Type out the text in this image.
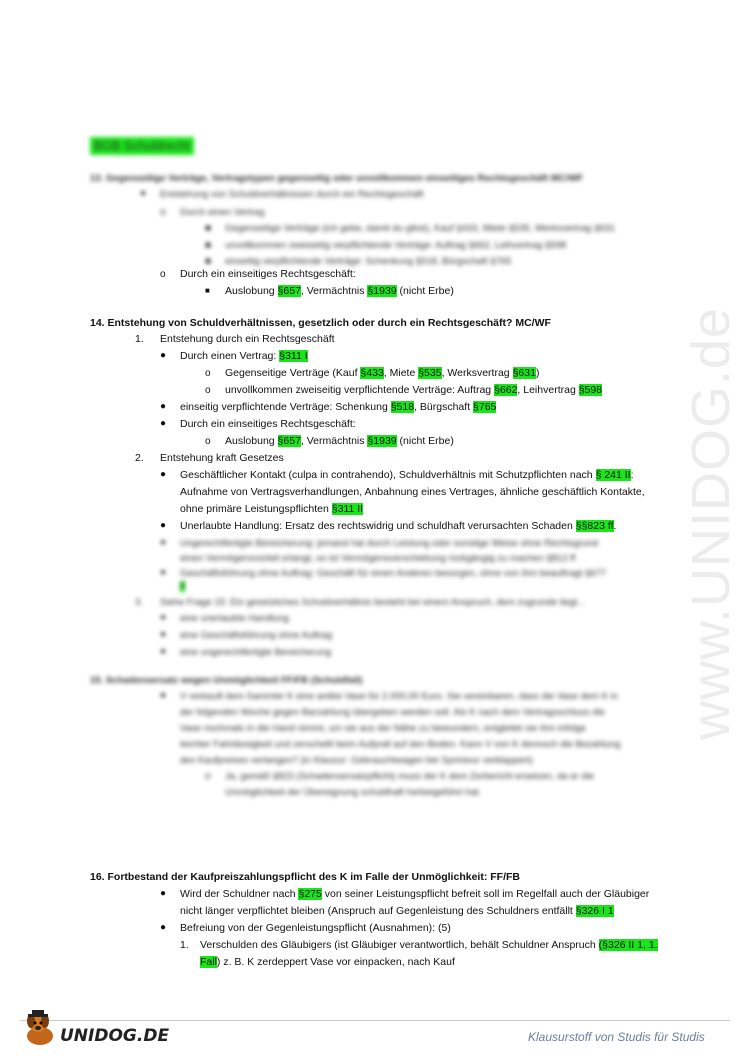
www.UNIDOG.de
BGB Schuldrecht
13. Gegenseitige Verträge, Vertragstypen gegenseitig oder unvollkommen einseitiges Rechtsgeschäft MC/WF
● Entstehung von Schuldverhältnissen durch ein Rechtsgeschäft
o Durch einen Vertrag
■ Gegenseitige Verträge (ich gebe, damit du gibst), Kauf §433, Miete §535, Werksvertrag §631
■ unvollkommen zweiseitig verpflichtende Verträge: Auftrag §662, Leihvertrag §598
■ einseitig verpflichtende Verträge: Schenkung §518, Bürgschaft §765
o Durch ein einseitiges Rechtsgeschäft:
■ Auslobung §657, Vermächtnis §1939 (nicht Erbe)
14. Entstehung von Schuldverhältnissen, gesetzlich oder durch ein Rechtsgeschäft? MC/WF
1. Entstehung durch ein Rechtsgeschäft
● Durch einen Vertrag: §311 I
o Gegenseitige Verträge (Kauf §433, Miete §535, Werksvertrag §631)
o unvollkommen zweiseitig verpflichtende Verträge: Auftrag §662, Leihvertrag §598
● einseitig verpflichtende Verträge: Schenkung §518, Bürgschaft §765
● Durch ein einseitiges Rechtsgeschäft:
o Auslobung §657, Vermächtnis §1939 (nicht Erbe)
2. Entstehung kraft Gesetzes
● Geschäftlicher Kontakt (culpa in contrahendo), Schuldverhältnis mit Schutzpflichten nach § 241 II:
Aufnahme von Vertragsverhandlungen, Anbahnung eines Vertrages, ähnliche geschäftlich Kontakte,
ohne primäre Leistungspflichten §311 II
● Unerlaubte Handlung: Ersatz des rechtswidrig und schuldhaft verursachten Schaden §§823 ff.
● Ungerechtfertigte Bereicherung: jemand hat durch Leistung oder sonstige Weise ohne Rechtsgrund
einen Vermögensvorteil erlangt, so ist Vermögensverschiebung rückgängig zu machen §812 ff
● Geschäftsführung ohne Auftrag: Geschäft für einen Anderen besorgen, ohne von ihm beauftragt §677
ff
3. Siehe Frage 15: Ein gesetzliches Schuldverhältnis besteht bei einem Anspruch, dem zugrunde liegt...
● eine unerlaubte Handlung
● eine Geschäftsführung ohne Auftrag
● eine ungerechtfertigte Bereicherung
15. Schadensersatz wegen Unmöglichkeit FF/FB (Schuldfall)
● V verkauft dem Sammler K eine antike Vase für 2.000,00 Euro. Sie vereinbaren, dass die Vase dem K in
der folgenden Woche gegen Barzahlung übergeben werden soll. Als K nach dem Vertragsschluss die
Vase nochmals in die Hand nimmt, um sie aus der Nähe zu bewundern, entgleitet sie ihm infolge
leichter Fahrlässigkeit und zerschellt beim Aufprall auf den Boden. Kann V von K dennoch die Bezahlung
des Kaufpreises verlangen? (in Klausur: Gebrauchtwagen bei Sprintour verklappert)
o Ja, gemäß §823 (Schadensersatzpflicht) muss der K dem Zerbericht ersetzen, da er die
Unmöglichkeit der Übereignung schuldhaft herbeigeführt hat.
16. Fortbestand der Kaufpreiszahlungspflicht des K im Falle der Unmöglichkeit: FF/FB
● Wird der Schuldner nach §275 von seiner Leistungspflicht befreit soll im Regelfall auch der Gläubiger
nicht länger verpflichtet bleiben (Anspruch auf Gegenleistung des Schuldners entfällt §326 I 1
● Befreiung von der Gegenleistungspflicht (Ausnahmen): (5)
1. Verschulden des Gläubigers (ist Gläubiger verantwortlich, behält Schuldner Anspruch (§326 II 1, 1.
Fall) z. B. K zerdeppert Vase vor einpacken, nach Kauf
UNIDOG.DE	Klausurstoff von Studis für Studis
